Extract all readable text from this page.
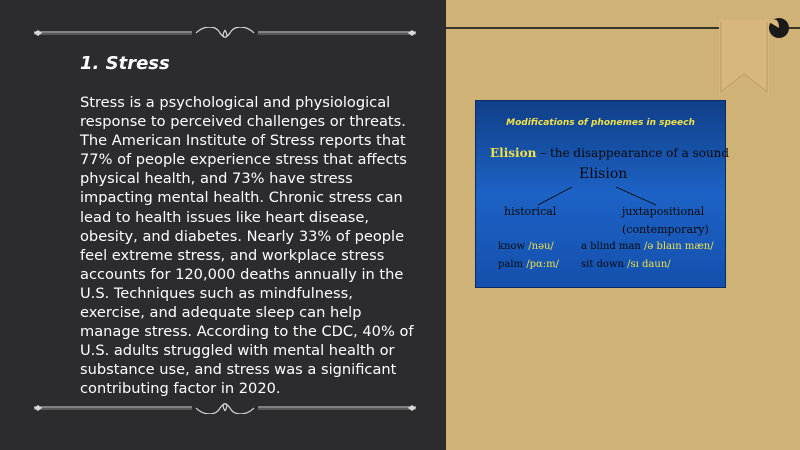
1. Stress

Stress is a psychological and physiological response to perceived challenges or threats. The American Institute of Stress reports that 77% of people experience stress that affects physical health, and 73% have stress impacting mental health. Chronic stress can lead to health issues like heart disease, obesity, and diabetes. Nearly 33% of people feel extreme stress, and workplace stress accounts for 120,000 deaths annually in the U.S. Techniques such as mindfulness, exercise, and adequate sleep can help manage stress. According to the CDC, 40% of U.S. adults struggled with mental health or substance use, and stress was a significant contributing factor in 2020.

Modifications of phonemes in speech
Elision – the disappearance of a sound
Elision
historical	juxtapositional
(contemporary)
know /nəu/
palm /pα:m/
a blind man /ə blaın mæn/
sit down /sı daun/
